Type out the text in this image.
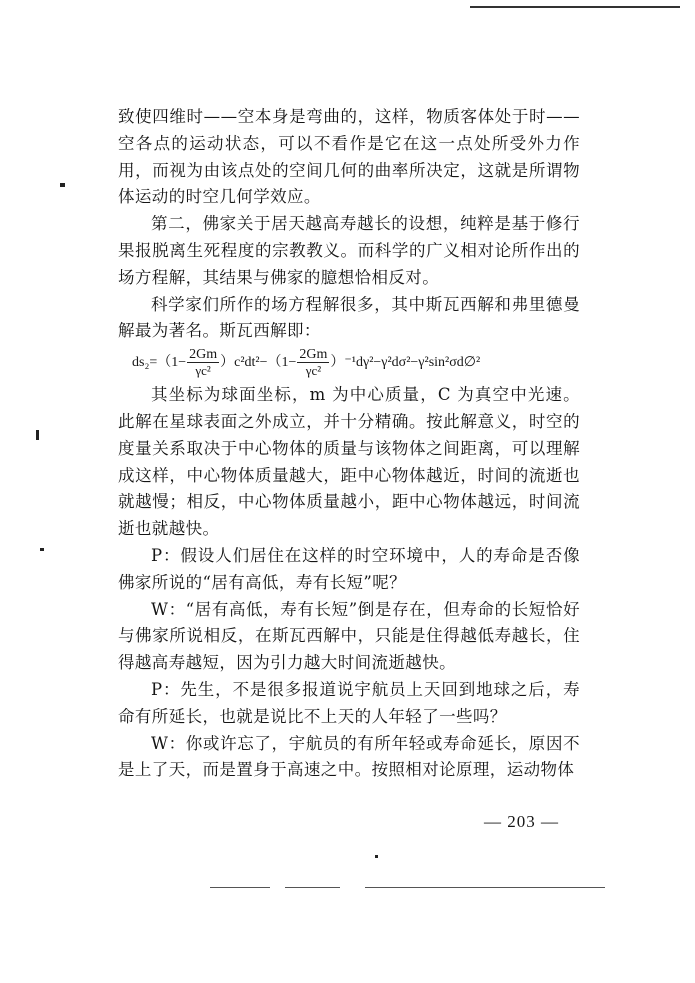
致使四维时——空本身是弯曲的，这样，物质客体处于时——空各点的运动状态，可以不看作是它在这一点处所受外力作用，而视为由该点处的空间几何的曲率所决定，这就是所谓物体运动的时空几何学效应。

第二，佛家关于居天越高寿越长的设想，纯粹是基于修行果报脱离生死程度的宗教教义。而科学的广义相对论所作出的场方程解，其结果与佛家的臆想恰相反对。

科学家们所作的场方程解很多，其中斯瓦西解和弗里德曼解最为著名。斯瓦西解即：

$ds_2=(1- \frac{2Gm}{\text{γc²}} )c^2dt^2-(1- \frac{2Gm}{\text{γc²}}$ ）⁻¹dγ²−γ²dσ²−γ²sin²σd∅²

其坐标为球面坐标，m 为中心质量，C 为真空中光速。此解在星球表面之外成立，并十分精确。按此解意义，时空的度量关系取决于中心物体的质量与该物体之间距离，可以理解成这样，中心物体质量越大，距中心物体越近，时间的流逝也就越慢；相反，中心物体质量越小，距中心物体越远，时间流逝也就越快。

P：假设人们居住在这样的时空环境中，人的寿命是否像佛家所说的“居有高低，寿有长短”呢？

W：“居有高低，寿有长短”倒是存在，但寿命的长短恰好与佛家所说相反，在斯瓦西解中，只能是住得越低寿越长，住得越高寿越短，因为引力越大时间流逝越快。

P：先生，不是很多报道说宇航员上天回到地球之后，寿命有所延长，也就是说比不上天的人年轻了一些吗？

W：你或许忘了，宇航员的有所年轻或寿命延长，原因不是上了天，而是置身于高速之中。按照相对论原理，运动物体

— 203 —
